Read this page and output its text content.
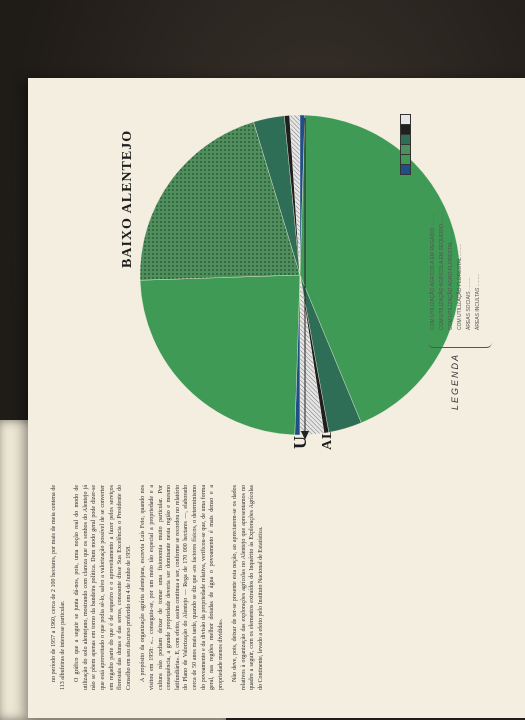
no período de 1957 a 1960, cerca de 2 100 hectares, por mais de meia centena de 113 albufeiras de interesse particular. O gráfico que a seguir se junta dá-nos, pois, uma noção real do modo de utilização do solo alentejano, mostrando com clareza que os sonhos do Alentejo já não se põem apenas em torno da bandeira política. Dum modo geral pode dizer-se que está aproveitado o que podia sê-lo, salvo a valorização possível de se converter em regadio parte do que é de sequeiro e o aproveitamento a fazer pelos serviços florestais das dunas e das serras, consoante disse Sua Excelência o Presidente do Conselho em seu discurso proferido em 4 de Junho de 1958. A propósito da organização agrária alentejana, escrevia Luís Feio, quando nos visitou em 1958: «... conseguiu-se, por um meio tão especial a propriedade e a cultura não podiam deixar de tomar uma fisionomia muito particular. Por consequência, a grande propriedade deveria ser dominante nesta região e mesmo latifundiária». E, com efeito, assim continua a ser, conforme se recordou no relatório do Plano de Valorização do Alentejo — Rega de 170 000 hectares —, elaborado cerca de 50 anos mais tarde, quando se diz que «os factores físicos, o determinismo do povoamento e da divisão da propriedade relativa, verificou-se que, de uma forma geral, nas regiões melhor dotadas de água o povoamento é mais denso e a propriedade menos dividida». Não deve, pois, deixar de ter-se presente esta noção, ao apreciarem-se os dados relativos à organização das explorações agrícolas no Alentejo que apresentamos no quadro a seguir, com os elementos extraídos do Inquérito às Explorações Agrícolas do Continente, levado a efeito pelo Instituto Nacional de Estatística.

BAIXO ALENTEJO
LEGENDA
COM UTILIZAÇÃO AGRÍCOLA EM REGADIO ......... COM UTILIZAÇÃO AGRÍCOLA EM SEQUEIRO ......... COM UTILIZAÇÃO AGRO-FLORESTAL ......... COM UTILIZAÇÃO FLORESTAL ......... ÁREAS SOCIAIS ......... ÁREAS INCULTAS .........
